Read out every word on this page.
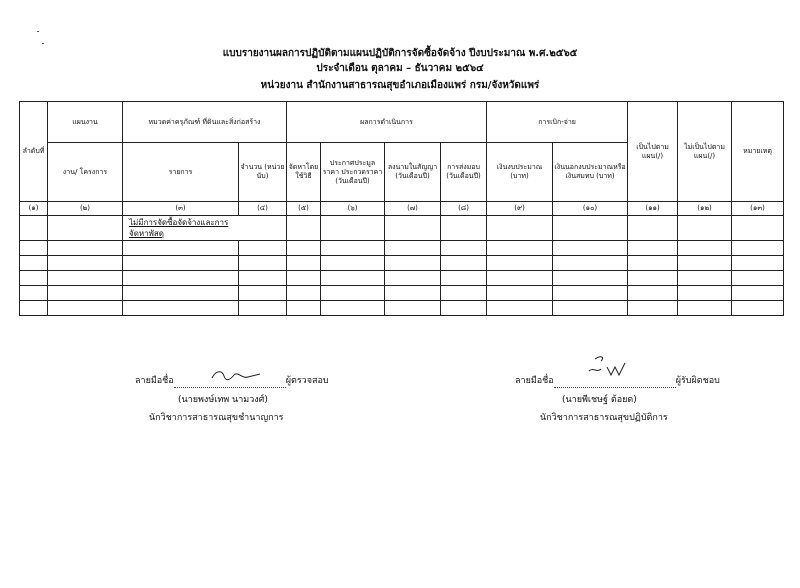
แบบรายงานผลการปฏิบัติตามแผนปฏิบัติการจัดซื้อจัดจ้าง ปีงบประมาณ พ.ศ.๒๕๖๕
ประจำเดือน ตุลาคม – ธันวาคม ๒๕๖๔
หน่วยงาน สำนักงานสาธารณสุขอำเภอเมืองแพร่ กรม/จังหวัดแพร่
ลำดับที่	แผนงาน	หมวดค่าครุภัณฑ์ ที่ดินและสิ่งก่อสร้าง		ผลการดำเนินการ				การเบิก-จ่าย		เป็นไปตามแผน(/)	ไม่เป็นไปตามแผน(/)	หมายเหตุ
	งาน/ โครงการ	รายการ	จำนวน (หน่วยนับ)	จัดหาโดยใช้วิธี	ประกาศประมูลราคา ประกวดราคา (วันเดือนปี)	ลงนามในสัญญา (วันเดือนปี)	การส่งมอบ (วันเดือนปี)	เงินงบประมาณ (บาท)	เงินนอกงบประมาณหรือเงินสมทบ (บาท)			
(๑)	(๒)	(๓)	(๔)	(๕)	(๖)	(๗)	(๘)	(๙)	(๑๐)	(๑๑)	(๑๒)	(๑๓)
		ไม่มีการจัดซื้อจัดจ้างและการ
จัดหาพัสดุ										

ลายมือชื่อ	ผู้ตรวจสอบ
(นายพงษ์เทพ นามวงศ์)
นักวิชาการสาธารณสุขชำนาญการ
ลายมือชื่อ	ผู้รับผิดชอบ
(นายพีเชษฐ์ ต้อยด)
นักวิชาการสาธารณสุขปฏิบัติการ
